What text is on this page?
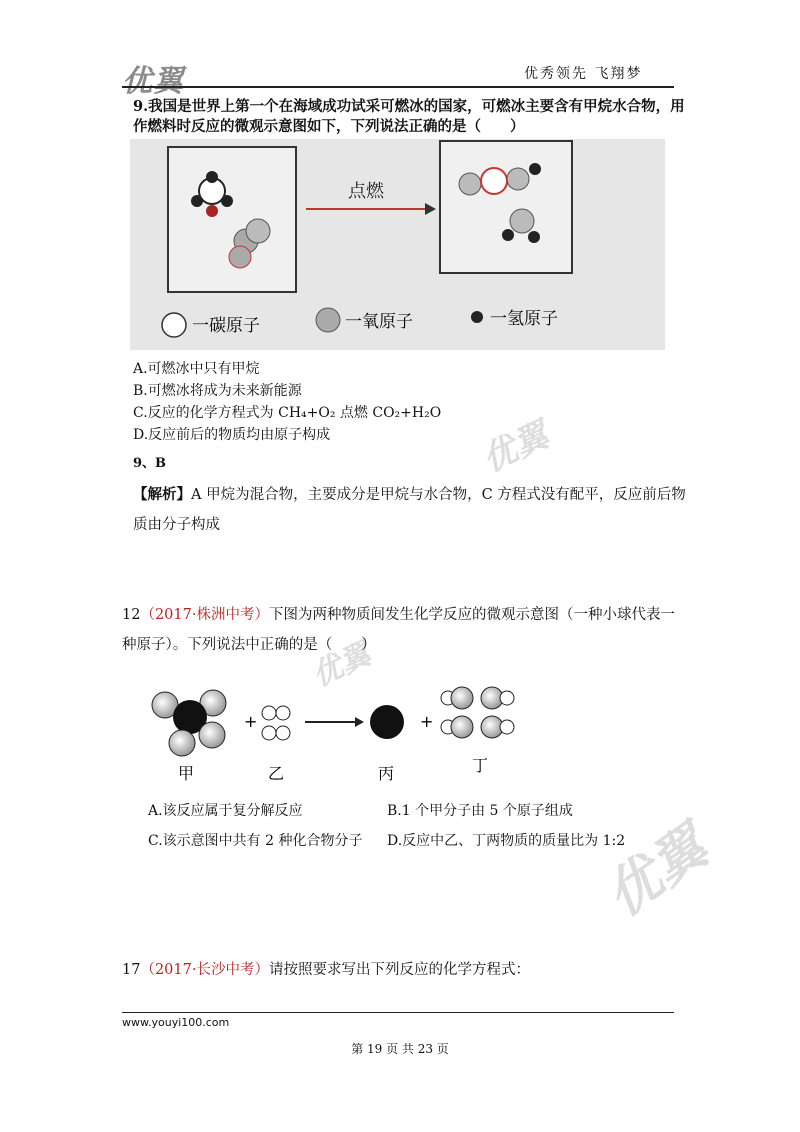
优翼	优秀领先 飞翔梦
优翼
优翼
优翼
9.我国是世界上第一个在海域成功试采可燃冰的国家，可燃冰主要含有甲烷水合物，用作燃料时反应的微观示意图如下，下列说法正确的是（　　）
点燃
一碳原子	一氧原子	一氢原子
A.可燃冰中只有甲烷
B.可燃冰将成为未来新能源
C.反应的化学方程式为 CH₄+O₂ 点燃 CO₂+H₂O
D.反应前后的物质均由原子构成
9、B
【解析】A 甲烷为混合物，主要成分是甲烷与水合物，C 方程式没有配平，反应前后物质由分子构成
12（2017·株洲中考）下图为两种物质间发生化学反应的微观示意图（一种小球代表一种原子）。下列说法中正确的是（　　）
+	+
甲	乙	丙	丁
A.该反应属于复分解反应
C.该示意图中共有 2 种化合物分子
B.1 个甲分子由 5 个原子组成
D.反应中乙、丁两物质的质量比为 1:2
17（2017·长沙中考）请按照要求写出下列反应的化学方程式：
www.youyi100.com
第 19 页 共 23 页
